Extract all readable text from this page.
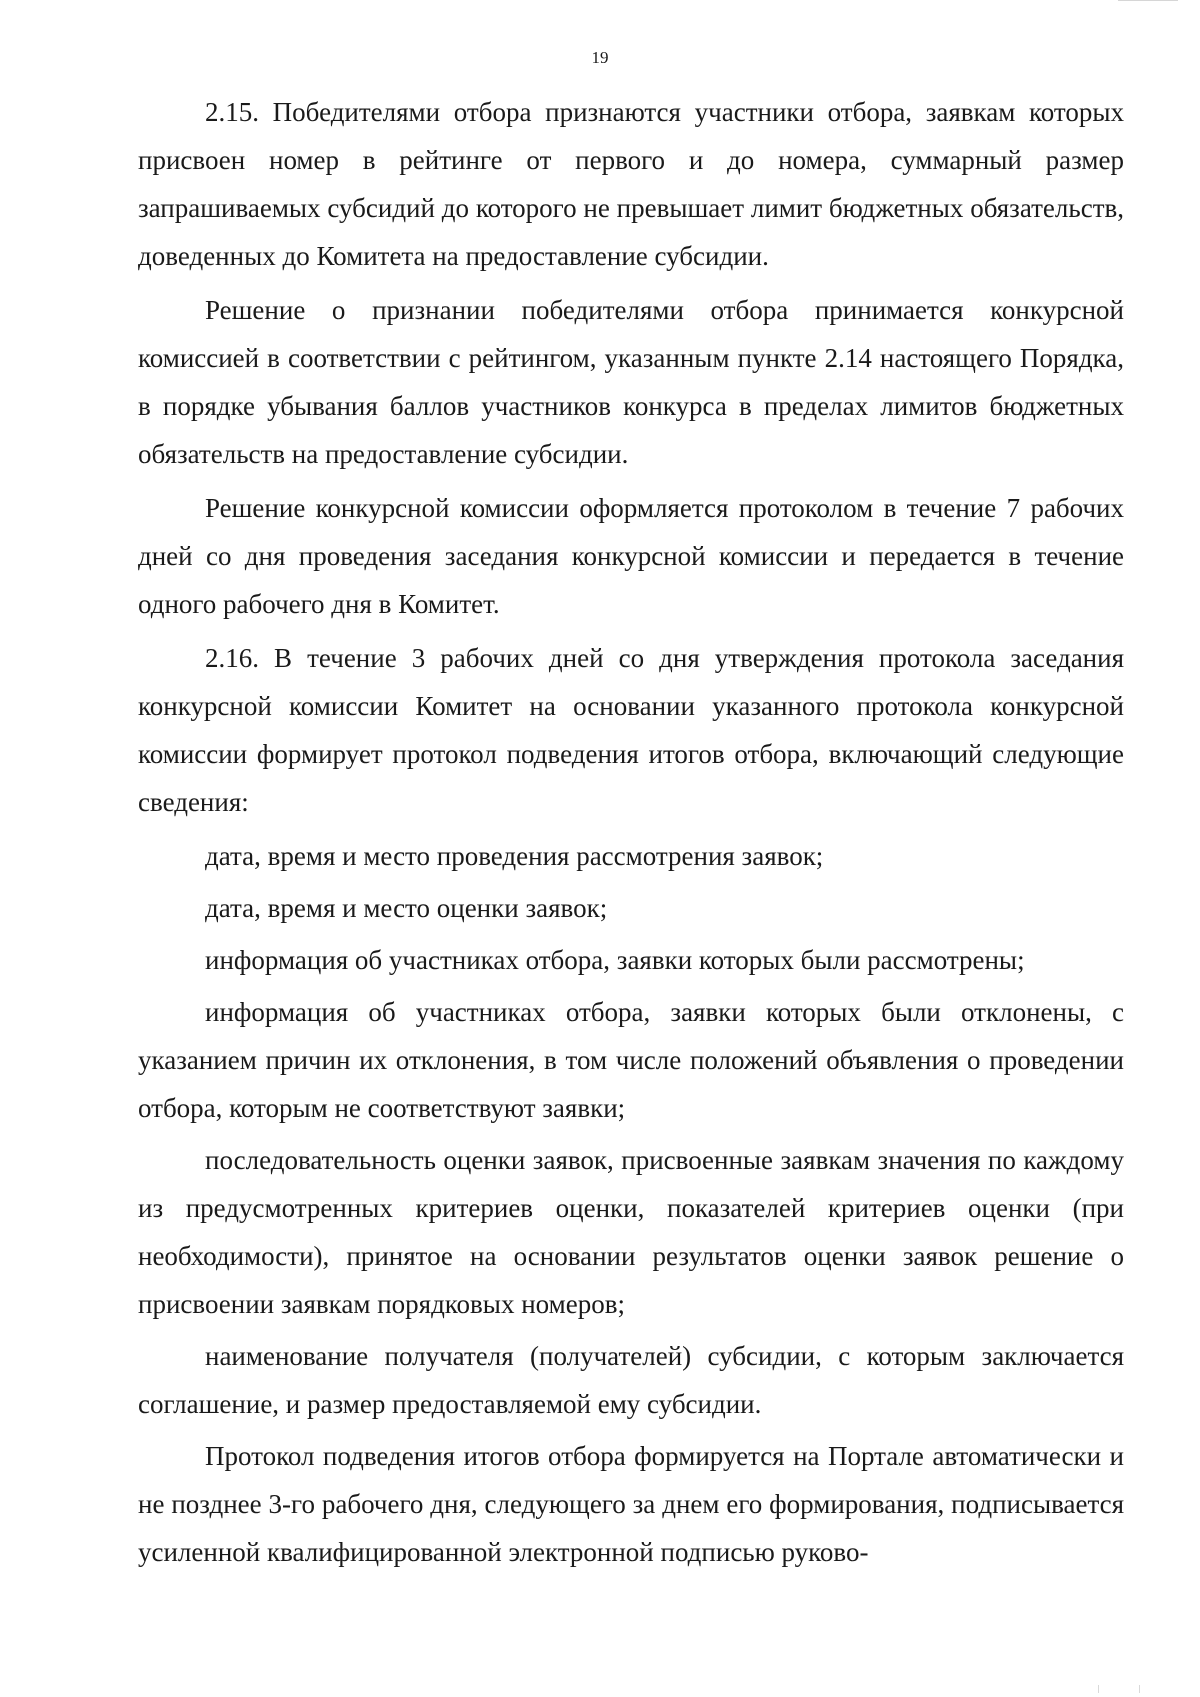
19

2.15. Победителями отбора признаются участники отбора, заявкам которых присвоен номер в рейтинге от первого и до номера, суммарный размер запрашиваемых субсидий до которого не превышает лимит бюджетных обязательств, доведенных до Комитета на предоставление субсидии.

Решение о признании победителями отбора принимается конкурсной комиссией в соответствии с рейтингом, указанным пункте 2.14 настоящего Порядка, в порядке убывания баллов участников конкурса в пределах лимитов бюджетных обязательств на предоставление субсидии.

Решение конкурсной комиссии оформляется протоколом в течение 7 рабочих дней со дня проведения заседания конкурсной комиссии и передается в течение одного рабочего дня в Комитет.

2.16. В течение 3 рабочих дней со дня утверждения протокола заседания конкурсной комиссии Комитет на основании указанного протокола конкурсной комиссии формирует протокол подведения итогов отбора, включающий следующие сведения:

дата, время и место проведения рассмотрения заявок;

дата, время и место оценки заявок;

информация об участниках отбора, заявки которых были рассмотрены;

информация об участниках отбора, заявки которых были отклонены, с указанием причин их отклонения, в том числе положений объявления о проведении отбора, которым не соответствуют заявки;

последовательность оценки заявок, присвоенные заявкам значения по каждому из предусмотренных критериев оценки, показателей критериев оценки (при необходимости), принятое на основании результатов оценки заявок решение о присвоении заявкам порядковых номеров;

наименование получателя (получателей) субсидии, с которым заключается соглашение, и размер предоставляемой ему субсидии.

Протокол подведения итогов отбора формируется на Портале автоматически и не позднее 3-го рабочего дня, следующего за днем его формирования, подписывается усиленной квалифицированной электронной подписью руково-
